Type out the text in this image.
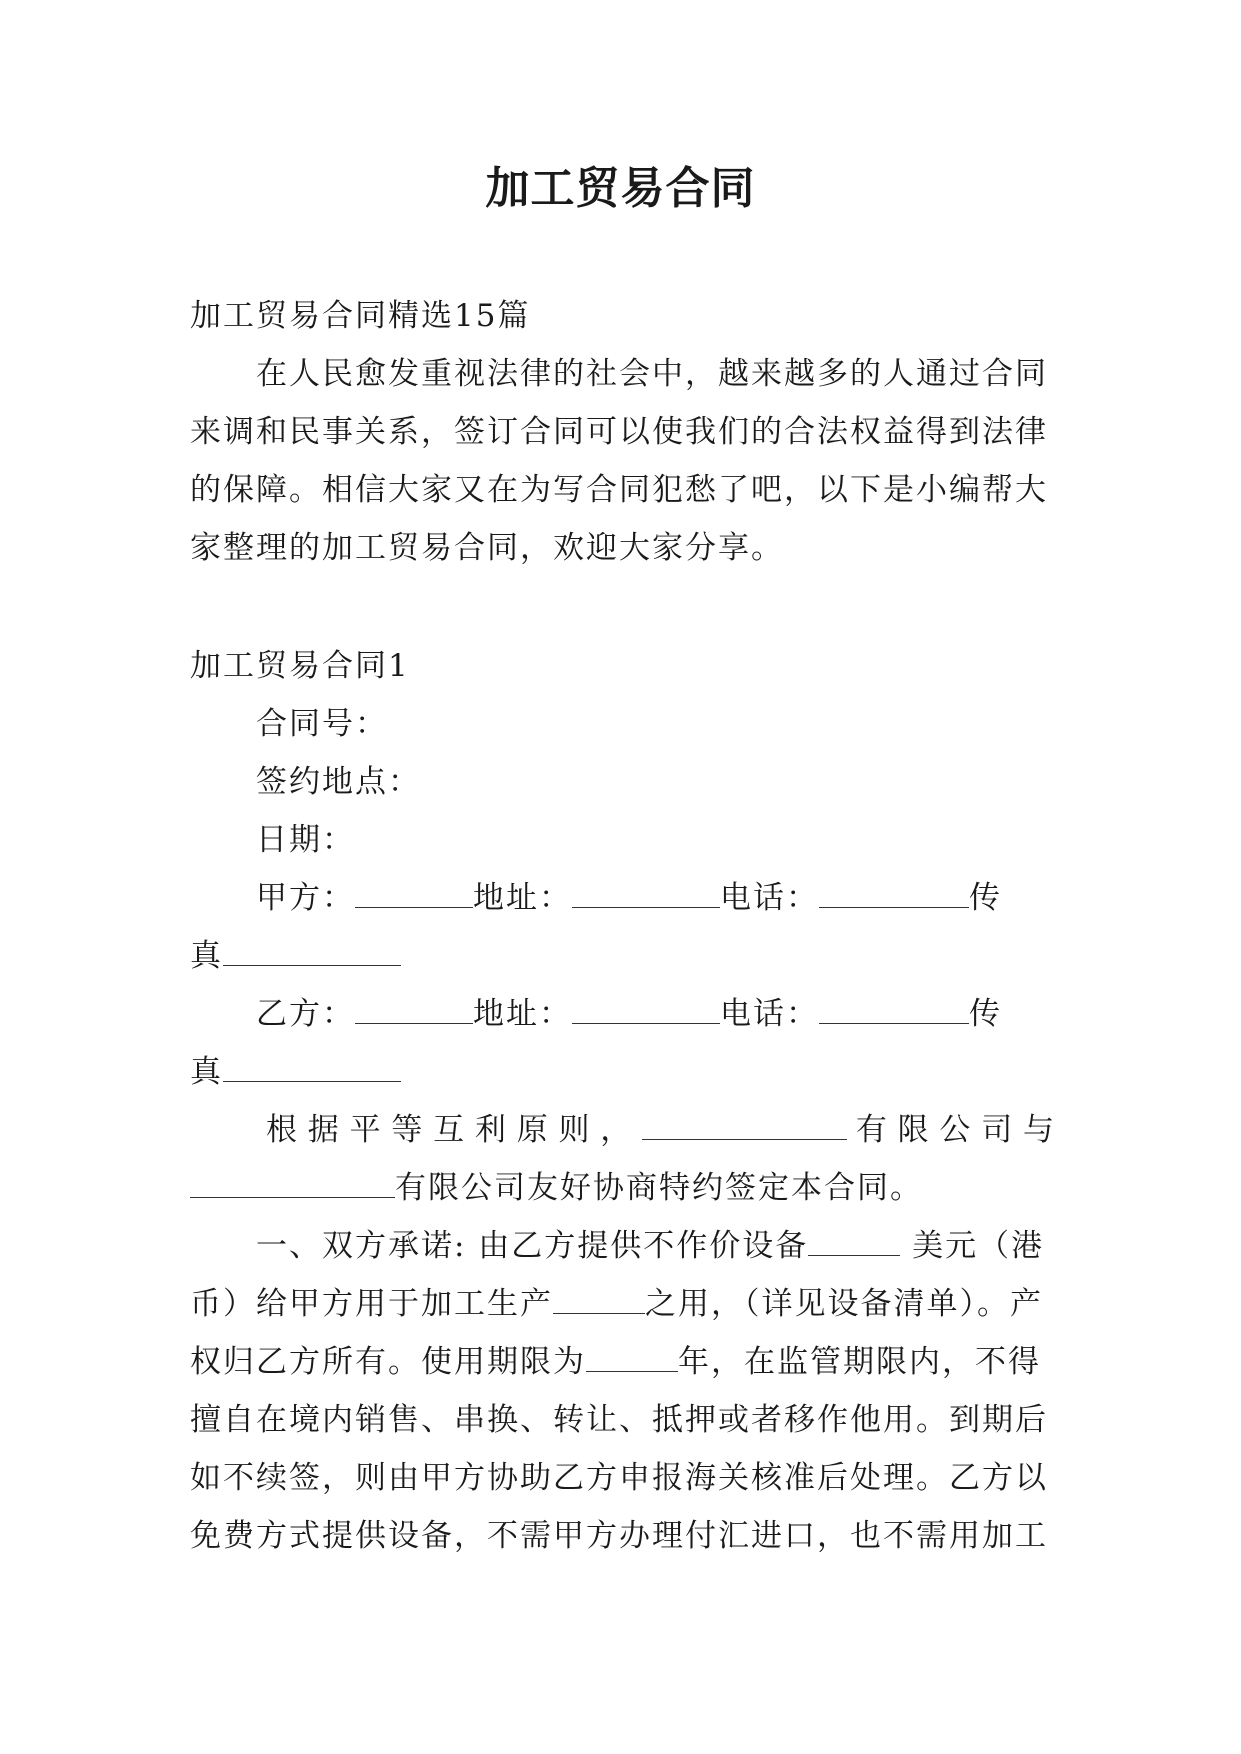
加工贸易合同
加工贸易合同精选15篇
在人民愈发重视法律的社会中，越来越多的人通过合同
来调和民事关系，签订合同可以使我们的合法权益得到法律
的保障。相信大家又在为写合同犯愁了吧，以下是小编帮大
家整理的加工贸易合同，欢迎大家分享。
加工贸易合同1
合同号：
签约地点：
日期：
甲方：	地址：	电话：	传
真
乙方：	地址：	电话：	传
真
根据平等互利原则，	有限公司与
有限公司友好协商特约签定本合同。
一、双方承诺: 由乙方提供不作价设备	美元（港
币）给甲方用于加工生产	之用，（详见设备清单）。产
权归乙方所有。使用期限为	年，在监管期限内，不得
擅自在境内销售、串换、转让、抵押或者移作他用。到期后
如不续签，则由甲方协助乙方申报海关核准后处理。乙方以
免费方式提供设备，不需甲方办理付汇进口，也不需用加工
